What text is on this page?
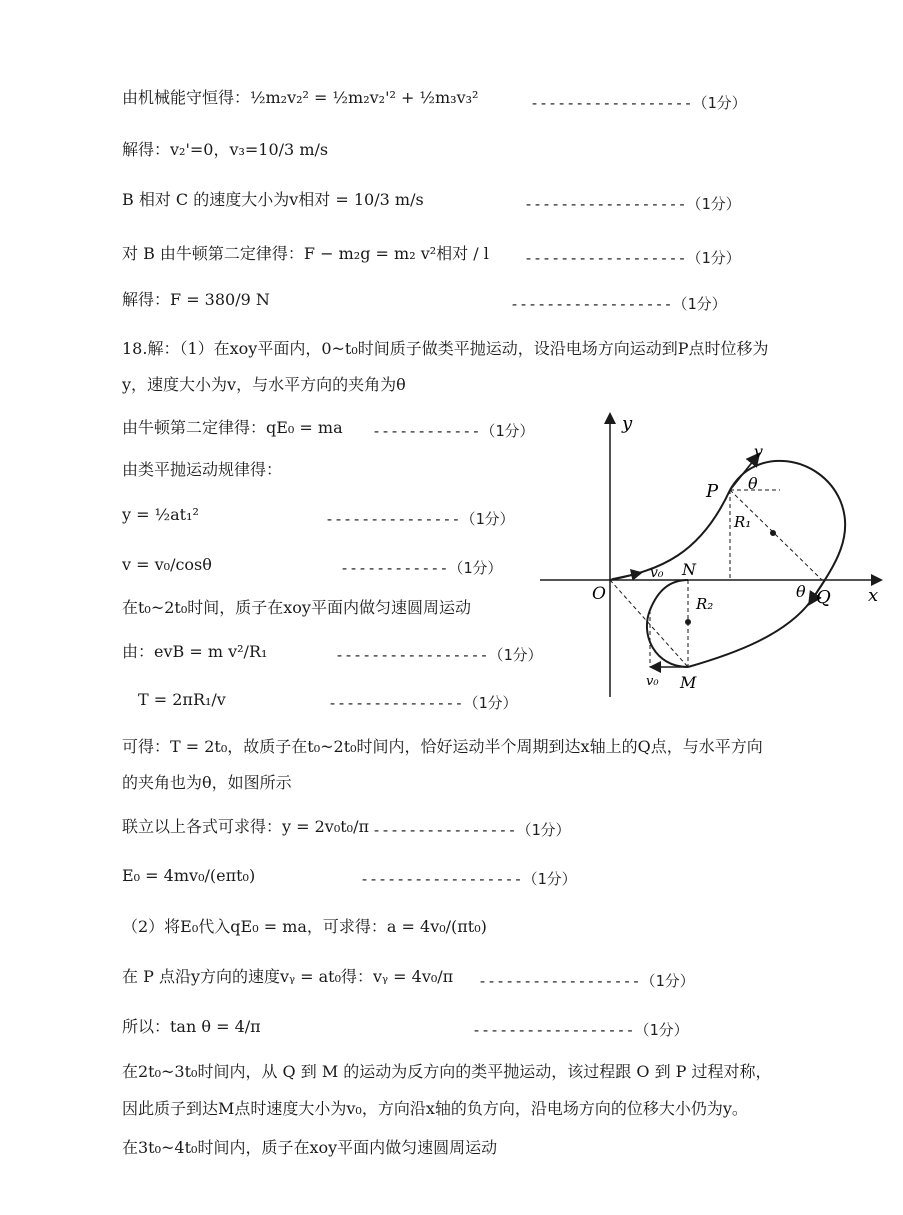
由机械能守恒得：½m₂v₂² = ½m₂v₂'² + ½m₃v₃²	------------------（1分）
解得：v₂'=0，v₃=10/3 m/s
B 相对 C 的速度大小为v相对 = 10/3 m/s	------------------（1分）
对 B 由牛顿第二定律得：F − m₂g = m₂ v²相对 / l	------------------（1分）
解得：F = 380/9 N	------------------（1分）
18.解：（1）在xoy平面内，0~t₀时间质子做类平抛运动，设沿电场方向运动到P点时位移为
y，速度大小为v，与水平方向的夹角为θ
由牛顿第二定律得：qE₀ = ma	------------（1分）
由类平抛运动规律得：
y = ½at₁²	---------------（1分）
v = v₀/cosθ	------------（1分）
在t₀~2t₀时间，质子在xoy平面内做匀速圆周运动
由：evB = m v²/R₁	-----------------（1分）
T = 2πR₁/v	---------------（1分）
可得：T = 2t₀，故质子在t₀~2t₀时间内，恰好运动半个周期到达x轴上的Q点，与水平方向
的夹角也为θ，如图所示
联立以上各式可求得：y = 2v₀t₀/π ----------------（1分）
E₀ = 4mv₀/(eπt₀)	------------------（1分）
（2）将E₀代入qE₀ = ma，可求得：a = 4v₀/(πt₀)
在 P 点沿y方向的速度vᵧ = at₀得：vᵧ = 4v₀/π	------------------（1分）
所以：tan θ = 4/π	------------------（1分）
在2t₀~3t₀时间内，从 Q 到 M 的运动为反方向的类平抛运动，该过程跟 O 到 P 过程对称，
因此质子到达M点时速度大小为v₀，方向沿x轴的负方向，沿电场方向的位移大小仍为y。
在3t₀~4t₀时间内，质子在xoy平面内做匀速圆周运动
y
x
O
v
v₀
v₀
P θ
R₁
N
R₂
θ Q
M
